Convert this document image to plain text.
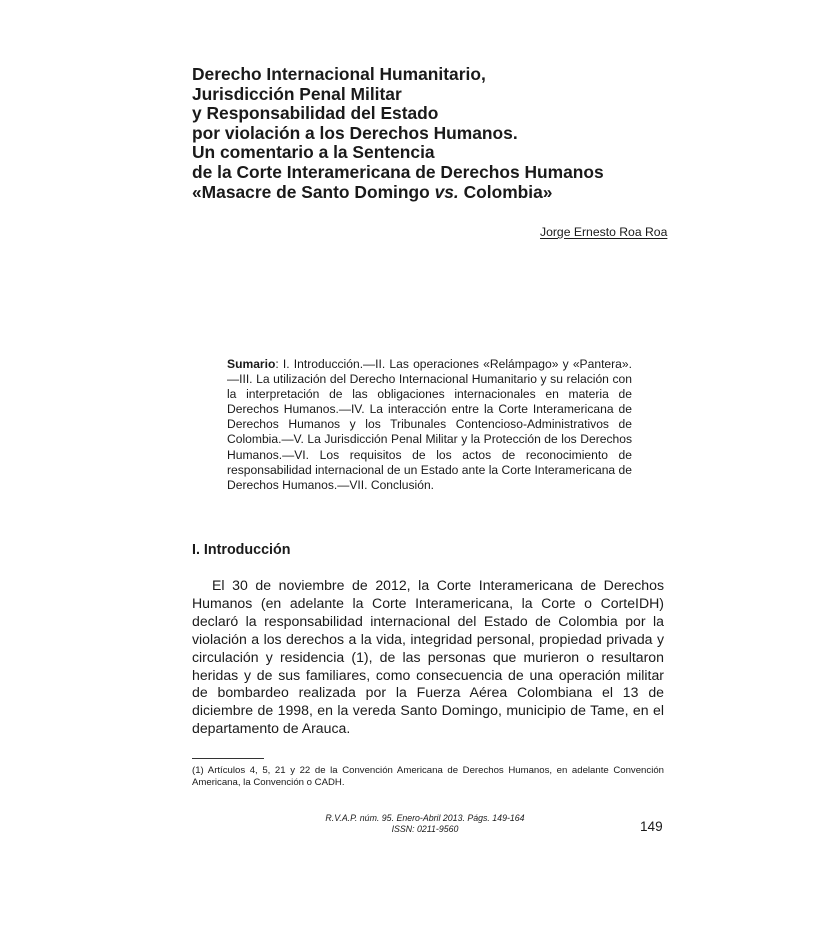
Derecho Internacional Humanitario,
Jurisdicción Penal Militar
y Responsabilidad del Estado
por violación a los Derechos Humanos.
Un comentario a la Sentencia
de la Corte Interamericana de Derechos Humanos
«Masacre de Santo Domingo vs. Colombia»
Jorge Ernesto Roa Roa
Sumario: I. Introducción.—II. Las operaciones «Relámpago» y «Pantera».—III. La utilización del Derecho Internacional Humanitario y su relación con la interpretación de las obligaciones internacionales en materia de Derechos Humanos.—IV. La interacción entre la Corte Interamericana de Derechos Humanos y los Tribunales Contencioso-Administrativos de Colombia.—V. La Jurisdicción Penal Militar y la Protección de los Derechos Humanos.—VI. Los requisitos de los actos de reconocimiento de responsabilidad internacional de un Estado ante la Corte Interamericana de Derechos Humanos.—VII. Conclusión.
I. Introducción

El 30 de noviembre de 2012, la Corte Interamericana de Derechos Humanos (en adelante la Corte Interamericana, la Corte o CorteIDH) declaró la responsabilidad internacional del Estado de Colombia por la violación a los derechos a la vida, integridad personal, propiedad privada y circulación y residencia (1), de las personas que murieron o resultaron heridas y de sus familiares, como consecuencia de una operación militar de bombardeo realizada por la Fuerza Aérea Colombiana el 13 de diciembre de 1998, en la vereda Santo Domingo, municipio de Tame, en el departamento de Arauca.

(1) Artículos 4, 5, 21 y 22 de la Convención Americana de Derechos Humanos, en adelante Convención Americana, la Convención o CADH.
R.V.A.P. núm. 95. Enero-Abril 2013. Págs. 149-164
ISSN: 0211-9560	149
